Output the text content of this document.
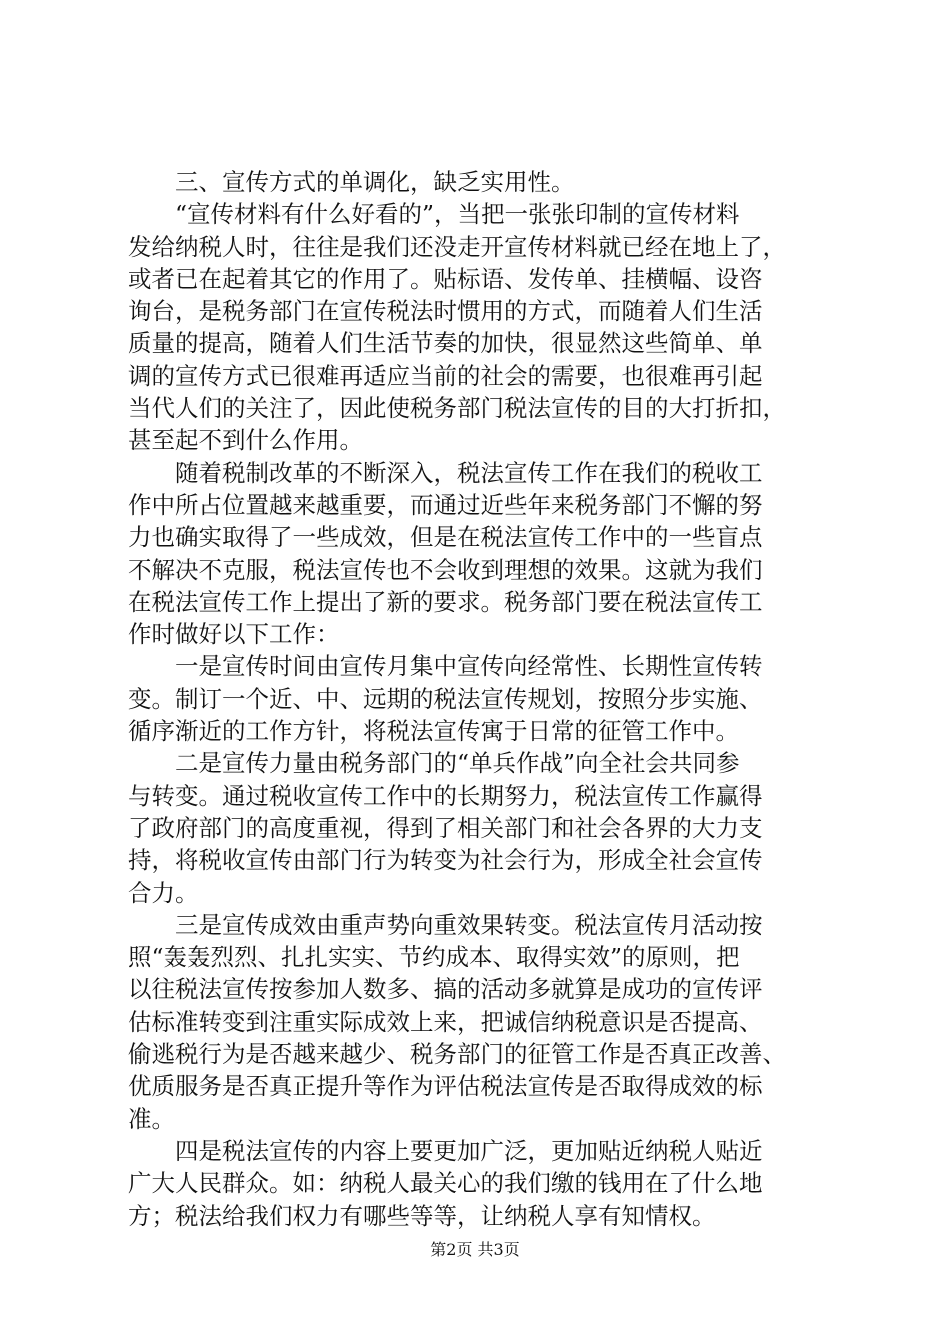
三、宣传方式的单调化，缺乏实用性。
“宣传材料有什么好看的”，当把一张张印制的宣传材料
发给纳税人时，往往是我们还没走开宣传材料就已经在地上了，
或者已在起着其它的作用了。贴标语、发传单、挂横幅、设咨
询台，是税务部门在宣传税法时惯用的方式，而随着人们生活
质量的提高，随着人们生活节奏的加快，很显然这些简单、单
调的宣传方式已很难再适应当前的社会的需要，也很难再引起
当代人们的关注了，因此使税务部门税法宣传的目的大打折扣，
甚至起不到什么作用。
随着税制改革的不断深入，税法宣传工作在我们的税收工
作中所占位置越来越重要，而通过近些年来税务部门不懈的努
力也确实取得了一些成效，但是在税法宣传工作中的一些盲点
不解决不克服，税法宣传也不会收到理想的效果。这就为我们
在税法宣传工作上提出了新的要求。税务部门要在税法宣传工
作时做好以下工作：
一是宣传时间由宣传月集中宣传向经常性、长期性宣传转
变。制订一个近、中、远期的税法宣传规划，按照分步实施、
循序渐近的工作方针，将税法宣传寓于日常的征管工作中。
二是宣传力量由税务部门的“单兵作战”向全社会共同参
与转变。通过税收宣传工作中的长期努力，税法宣传工作赢得
了政府部门的高度重视，得到了相关部门和社会各界的大力支
持，将税收宣传由部门行为转变为社会行为，形成全社会宣传
合力。
三是宣传成效由重声势向重效果转变。税法宣传月活动按
照“轰轰烈烈、扎扎实实、节约成本、取得实效”的原则，把
以往税法宣传按参加人数多、搞的活动多就算是成功的宣传评
估标准转变到注重实际成效上来，把诚信纳税意识是否提高、
偷逃税行为是否越来越少、税务部门的征管工作是否真正改善、
优质服务是否真正提升等作为评估税法宣传是否取得成效的标
准。
四是税法宣传的内容上要更加广泛，更加贴近纳税人贴近
广大人民群众。如：纳税人最关心的我们缴的钱用在了什么地
方；税法给我们权力有哪些等等，让纳税人享有知情权。
第2页 共3页
